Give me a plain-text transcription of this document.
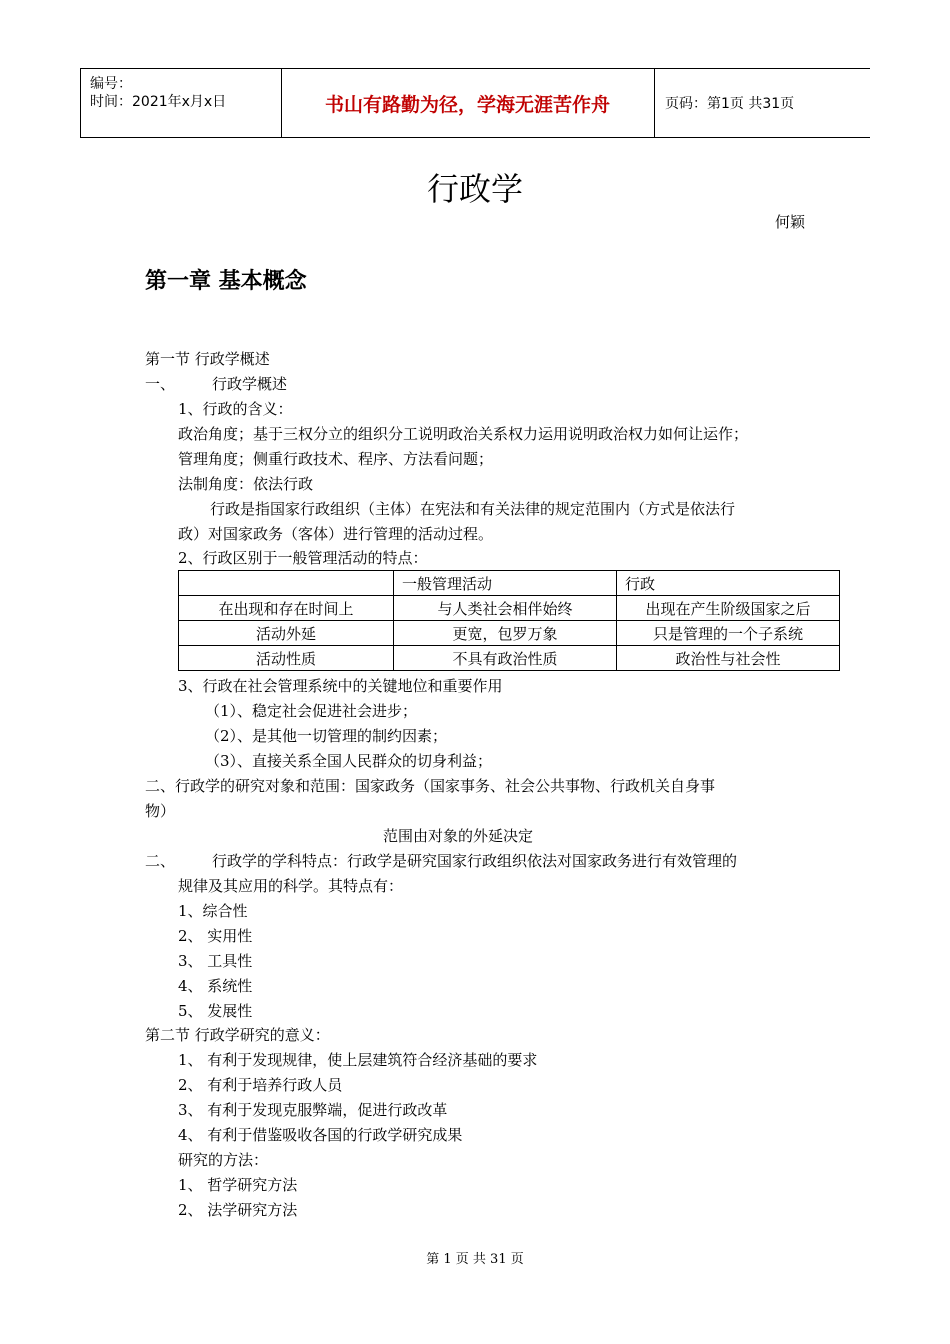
编号：
时间：2021年x月x日	书山有路勤为径，学海无涯苦作舟	页码：第1页 共31页
行政学
何颖
第一章 基本概念
第一节 行政学概述
一、 行政学概述
1、行政的含义：
政治角度；基于三权分立的组织分工说明政治关系权力运用说明政治权力如何让运作；
管理角度；侧重行政技术、程序、方法看问题；
法制角度：依法行政
行政是指国家行政组织（主体）在宪法和有关法律的规定范围内（方式是依法行
政）对国家政务（客体）进行管理的活动过程。
2、行政区别于一般管理活动的特点：
	一般管理活动	行政
在出现和存在时间上	与人类社会相伴始终	出现在产生阶级国家之后
活动外延	更宽，包罗万象	只是管理的一个子系统
活动性质	不具有政治性质	政治性与社会性
3、行政在社会管理系统中的关键地位和重要作用
（1）、稳定社会促进社会进步；
（2）、是其他一切管理的制约因素；
（3）、直接关系全国人民群众的切身利益；
二、行政学的研究对象和范围：国家政务（国家事务、社会公共事物、行政机关自身事
物）
范围由对象的外延决定
二、 行政学的学科特点：行政学是研究国家行政组织依法对国家政务进行有效管理的
规律及其应用的科学。其特点有：
1、综合性
2、 实用性
3、 工具性
4、 系统性
5、 发展性
第二节 行政学研究的意义：
1、 有利于发现规律，使上层建筑符合经济基础的要求
2、 有利于培养行政人员
3、 有利于发现克服弊端，促进行政改革
4、 有利于借鉴吸收各国的行政学研究成果
研究的方法：
1、 哲学研究方法
2、 法学研究方法
第 1 页 共 31 页
